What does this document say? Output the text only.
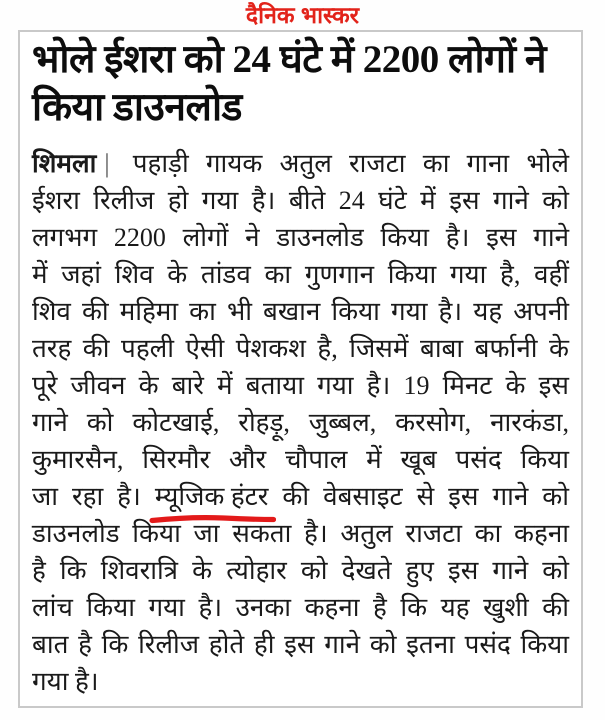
दैनिक भास्कर
भोले ईशरा को 24 घंटे में 2200 लोगों ने
किया डाउनलोड
शिमला | पहाड़ी गायक अतुल राजटा का गाना भोले
ईशरा रिलीज हो गया है। बीते 24 घंटे में इस गाने को
लगभग 2200 लोगों ने डाउनलोड किया है। इस गाने
में जहां शिव के तांडव का गुणगान किया गया है, वहीं
शिव की महिमा का भी बखान किया गया है। यह अपनी
तरह की पहली ऐसी पेशकश है, जिसमें बाबा बर्फानी के
पूरे जीवन के बारे में बताया गया है। 19 मिनट के इस
गाने को कोटखाई, रोहड़ू, जुब्बल, करसोग, नारकंडा,
कुमारसैन, सिरमौर और चौपाल में खूब पसंद किया
जा रहा है। म्यूजिक हंटर
की वेबसाइट से इस गाने को
डाउनलोड किया जा सकता है। अतुल राजटा का कहना
है कि शिवरात्रि के त्योहार को देखते हुए इस गाने को
लांच किया गया है। उनका कहना है कि यह खुशी की
बात है कि रिलीज होते ही इस गाने को इतना पसंद किया
गया है।
